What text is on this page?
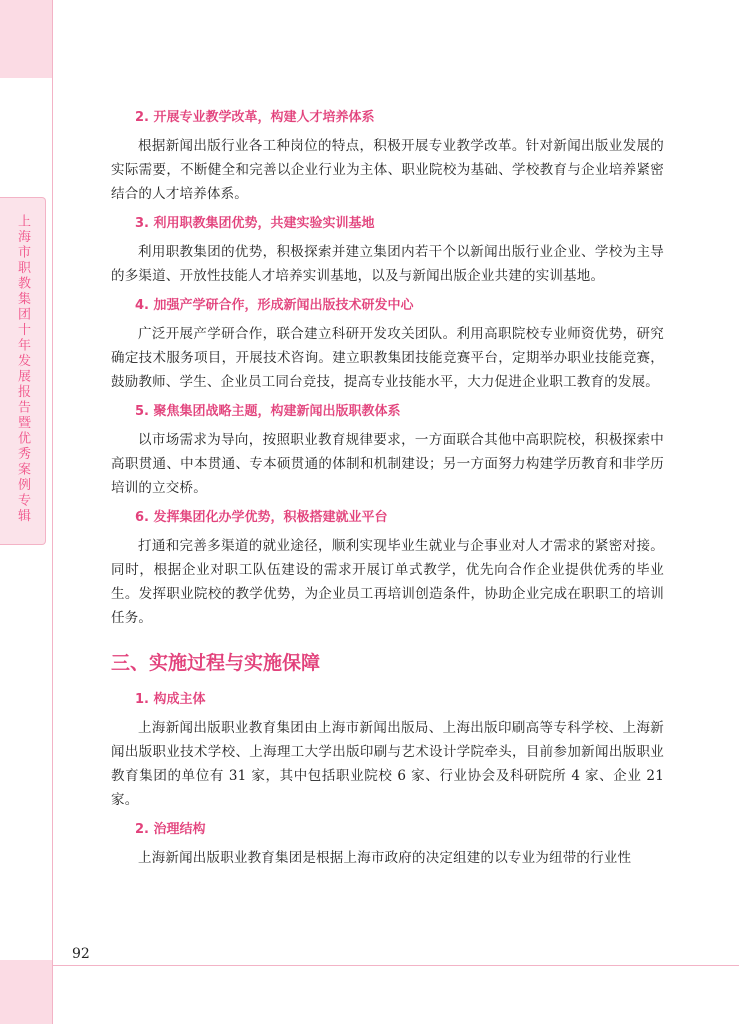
上海市职教集团十年发展报告暨优秀案例专辑
2. 开展专业教学改革，构建人才培养体系
根据新闻出版行业各工种岗位的特点，积极开展专业教学改革。针对新闻出版业发展的实际需要，不断健全和完善以企业行业为主体、职业院校为基础、学校教育与企业培养紧密结合的人才培养体系。
3. 利用职教集团优势，共建实验实训基地
利用职教集团的优势，积极探索并建立集团内若干个以新闻出版行业企业、学校为主导的多渠道、开放性技能人才培养实训基地，以及与新闻出版企业共建的实训基地。
4. 加强产学研合作，形成新闻出版技术研发中心
广泛开展产学研合作，联合建立科研开发攻关团队。利用高职院校专业师资优势，研究确定技术服务项目，开展技术咨询。建立职教集团技能竞赛平台，定期举办职业技能竞赛，鼓励教师、学生、企业员工同台竞技，提高专业技能水平，大力促进企业职工教育的发展。
5. 聚焦集团战略主题，构建新闻出版职教体系
以市场需求为导向，按照职业教育规律要求，一方面联合其他中高职院校，积极探索中高职贯通、中本贯通、专本硕贯通的体制和机制建设；另一方面努力构建学历教育和非学历培训的立交桥。
6. 发挥集团化办学优势，积极搭建就业平台
打通和完善多渠道的就业途径，顺利实现毕业生就业与企事业对人才需求的紧密对接。同时，根据企业对职工队伍建设的需求开展订单式教学，优先向合作企业提供优秀的毕业生。发挥职业院校的教学优势，为企业员工再培训创造条件，协助企业完成在职职工的培训任务。
三、实施过程与实施保障
1. 构成主体
上海新闻出版职业教育集团由上海市新闻出版局、上海出版印刷高等专科学校、上海新闻出版职业技术学校、上海理工大学出版印刷与艺术设计学院牵头，目前参加新闻出版职业教育集团的单位有 31 家，其中包括职业院校 6 家、行业协会及科研院所 4 家、企业 21 家。
2. 治理结构
上海新闻出版职业教育集团是根据上海市政府的决定组建的以专业为纽带的行业性
92
